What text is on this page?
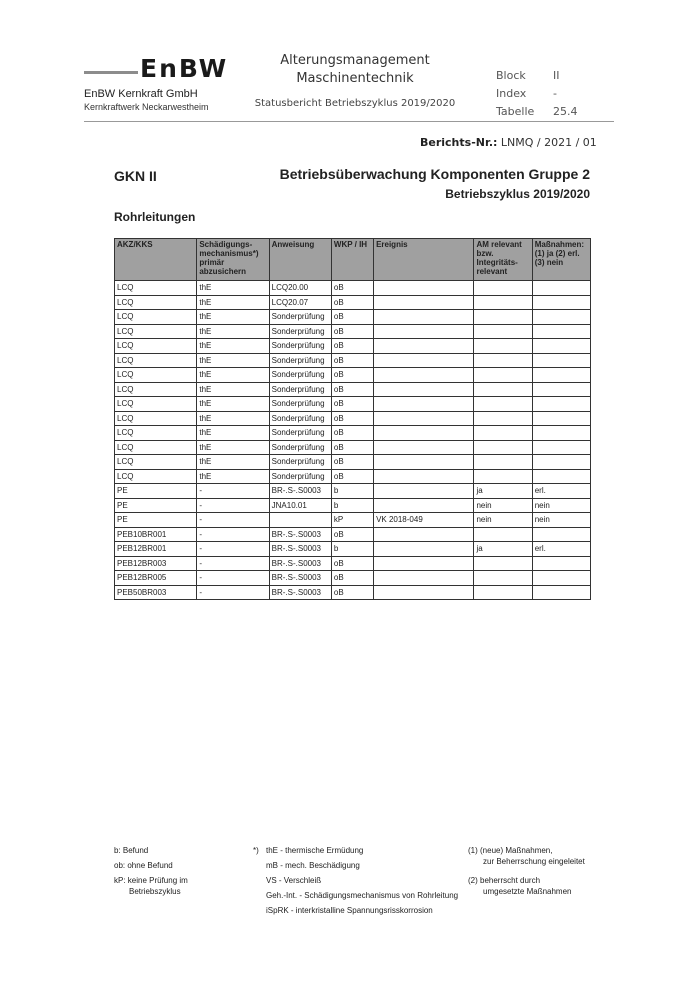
EnBW
EnBW Kernkraft GmbH
Kernkraftwerk Neckarwestheim
Alterungsmanagement
Maschinentechnik
Statusbericht Betriebszyklus 2019/2020
Block II
Index -
Tabelle 25.4
Berichts-Nr.: LNMQ / 2021 / 01
GKN II	Betriebsüberwachung Komponenten Gruppe 2
Betriebszyklus 2019/2020
Rohrleitungen
AKZ/KKS	Schädigungs-mechanismus*) primär abzusichern	Anweisung	WKP / IH	Ereignis	AM relevant bzw. Integritäts-relevant	Maßnahmen: (1) ja (2) erl. (3) nein
LCQ	thE	LCQ20.00	oB			
LCQ	thE	LCQ20.07	oB			
LCQ	thE	Sonderprüfung	oB			
LCQ	thE	Sonderprüfung	oB			
LCQ	thE	Sonderprüfung	oB			
LCQ	thE	Sonderprüfung	oB			
LCQ	thE	Sonderprüfung	oB			
LCQ	thE	Sonderprüfung	oB			
LCQ	thE	Sonderprüfung	oB			
LCQ	thE	Sonderprüfung	oB			
LCQ	thE	Sonderprüfung	oB			
LCQ	thE	Sonderprüfung	oB			
LCQ	thE	Sonderprüfung	oB			
LCQ	thE	Sonderprüfung	oB			
PE	-	BR-.S-.S0003	b		ja	erl.
PE	-	JNA10.01	b		nein	nein
PE	-		kP	VK 2018-049	nein	nein
PEB10BR001	-	BR-.S-.S0003	oB			
PEB12BR001	-	BR-.S-.S0003	b		ja	erl.
PEB12BR003	-	BR-.S-.S0003	oB			
PEB12BR005	-	BR-.S-.S0003	oB			
PEB50BR003	-	BR-.S-.S0003	oB			
b: Befund
ob: ohne Befund
kP: keine Prüfung im
Betriebszyklus
*) thE - thermische Ermüdung
mB - mech. Beschädigung
VS - Verschleiß
Geh.-Int. - Schädigungsmechanismus von Rohrleitung
iSpRK - interkristalline Spannungsrisskorrosion
(1) (neue) Maßnahmen,
zur Beherrschung eingeleitet
(2) beherrscht durch
umgesetzte Maßnahmen
